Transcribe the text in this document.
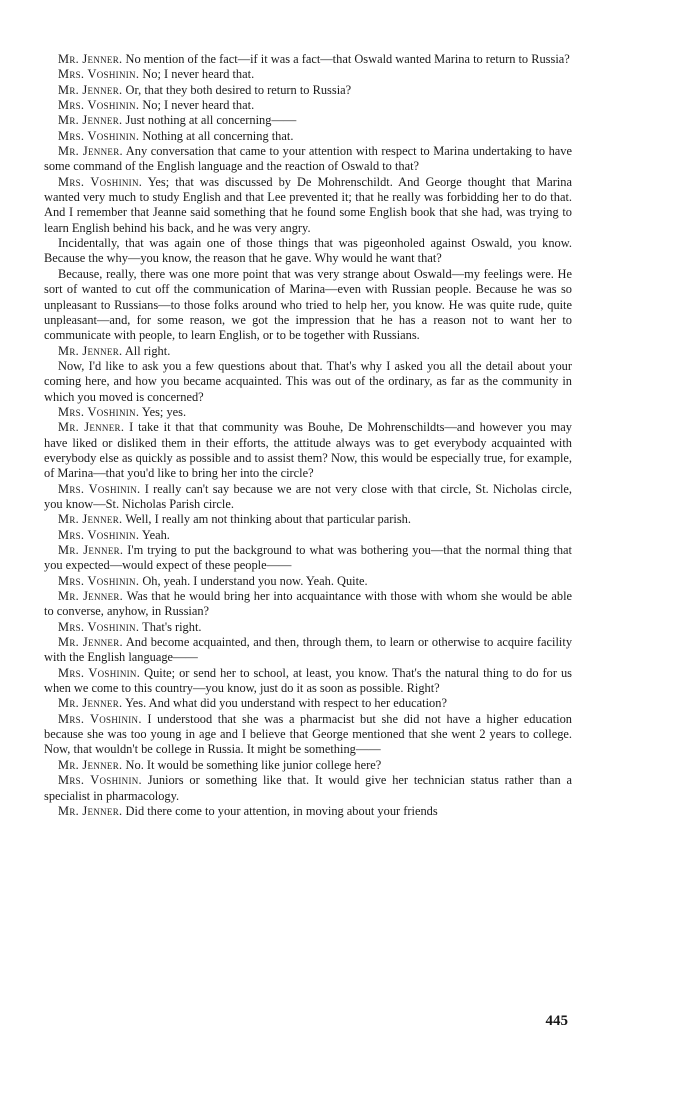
Mr. Jenner. No mention of the fact—if it was a fact—that Oswald wanted Marina to return to Russia?

Mrs. Voshinin. No; I never heard that.

Mr. Jenner. Or, that they both desired to return to Russia?

Mrs. Voshinin. No; I never heard that.

Mr. Jenner. Just nothing at all concerning——

Mrs. Voshinin. Nothing at all concerning that.

Mr. Jenner. Any conversation that came to your attention with respect to Marina undertaking to have some command of the English language and the reaction of Oswald to that?

Mrs. Voshinin. Yes; that was discussed by De Mohrenschildt. And George thought that Marina wanted very much to study English and that Lee prevented it; that he really was forbidding her to do that. And I remember that Jeanne said something that he found some English book that she had, was trying to learn English behind his back, and he was very angry.

Incidentally, that was again one of those things that was pigeonholed against Oswald, you know. Because the why—you know, the reason that he gave. Why would he want that?

Because, really, there was one more point that was very strange about Oswald—my feelings were. He sort of wanted to cut off the communication of Marina—even with Russian people. Because he was so unpleasant to Russians—to those folks around who tried to help her, you know. He was quite rude, quite unpleasant—and, for some reason, we got the impression that he has a reason not to want her to communicate with people, to learn English, or to be together with Russians.

Mr. Jenner. All right.

Now, I'd like to ask you a few questions about that. That's why I asked you all the detail about your coming here, and how you became acquainted. This was out of the ordinary, as far as the community in which you moved is concerned?

Mrs. Voshinin. Yes; yes.

Mr. Jenner. I take it that that community was Bouhe, De Mohrenschildts—and however you may have liked or disliked them in their efforts, the attitude always was to get everybody acquainted with everybody else as quickly as possible and to assist them? Now, this would be especially true, for example, of Marina—that you'd like to bring her into the circle?

Mrs. Voshinin. I really can't say because we are not very close with that circle, St. Nicholas circle, you know—St. Nicholas Parish circle.

Mr. Jenner. Well, I really am not thinking about that particular parish.

Mrs. Voshinin. Yeah.

Mr. Jenner. I'm trying to put the background to what was bothering you—that the normal thing that you expected—would expect of these people——

Mrs. Voshinin. Oh, yeah. I understand you now. Yeah. Quite.

Mr. Jenner. Was that he would bring her into acquaintance with those with whom she would be able to converse, anyhow, in Russian?

Mrs. Voshinin. That's right.

Mr. Jenner. And become acquainted, and then, through them, to learn or otherwise to acquire facility with the English language——

Mrs. Voshinin. Quite; or send her to school, at least, you know. That's the natural thing to do for us when we come to this country—you know, just do it as soon as possible. Right?

Mr. Jenner. Yes. And what did you understand with respect to her education?

Mrs. Voshinin. I understood that she was a pharmacist but she did not have a higher education because she was too young in age and I believe that George mentioned that she went 2 years to college. Now, that wouldn't be college in Russia. It might be something——

Mr. Jenner. No. It would be something like junior college here?

Mrs. Voshinin. Juniors or something like that. It would give her technician status rather than a specialist in pharmacology.

Mr. Jenner. Did there come to your attention, in moving about your friends

445
